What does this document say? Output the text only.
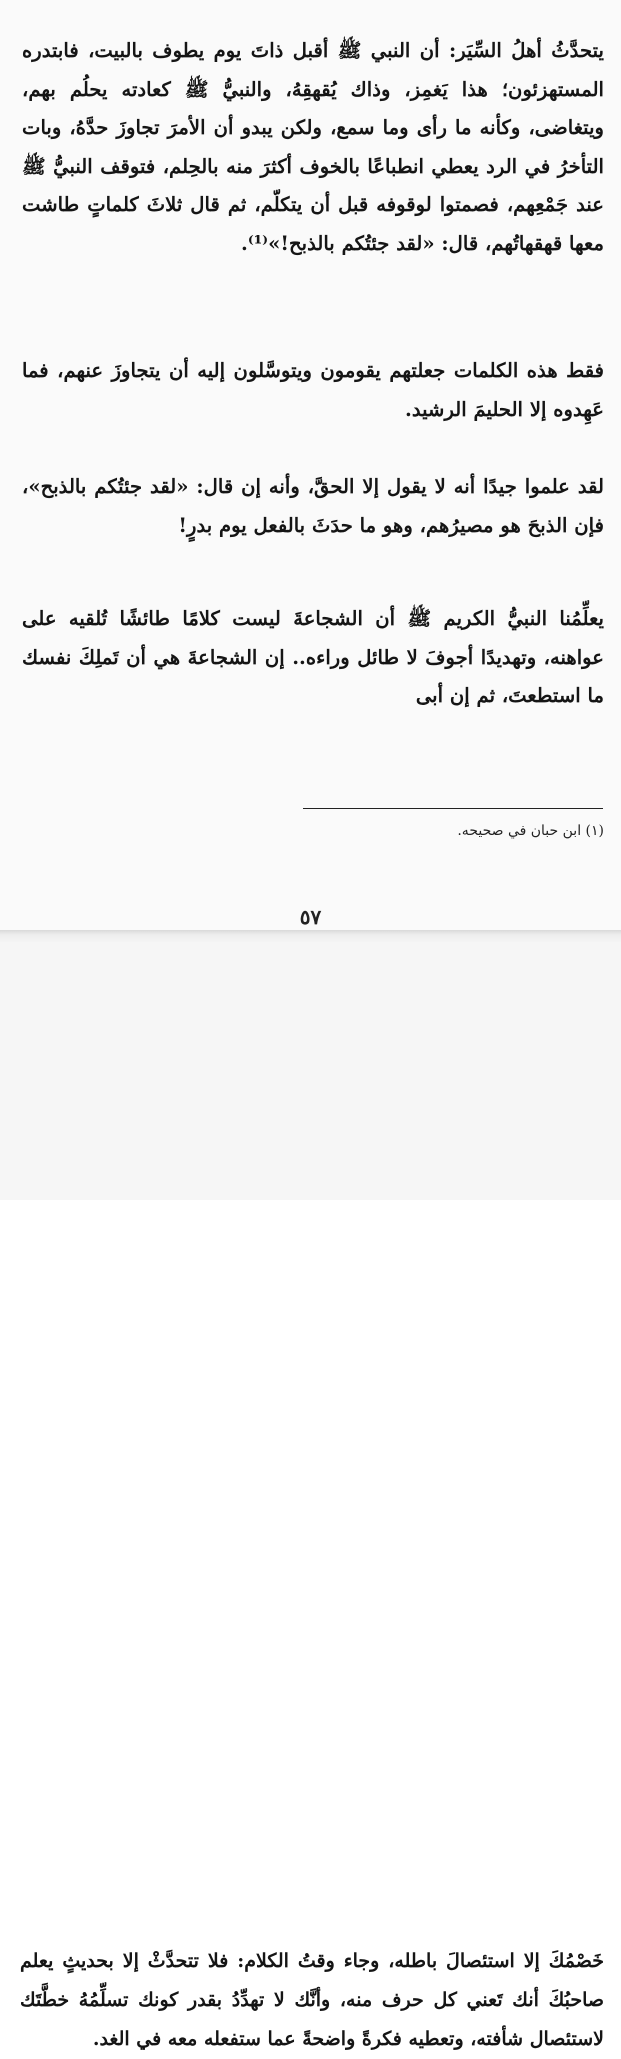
يتحدَّثُ أهلُ السِّيَر: أن النبي ﷺ أقبل ذاتَ يوم يطوف بالبيت، فابتدره المستهزئون؛ هذا يَغمِز، وذاك يُقهقِهُ، والنبيُّ ﷺ كعادته يحلُم بهم، ويتغاضى، وكأنه ما رأى وما سمع، ولكن يبدو أن الأمرَ تجاوزَ حدَّهُ، وبات التأخرُ في الرد يعطي انطباعًا بالخوف أكثرَ منه بالحِلم، فتوقف النبيُّ ﷺ عند جَمْعِهم، فصمتوا لوقوفه قبل أن يتكلّم، ثم قال ثلاثَ كلماتٍ طاشت معها قهقهاتُهم، قال: «لقد جئتُكم بالذبح!»⁽¹⁾.

فقط هذه الكلمات جعلتهم يقومون ويتوسَّلون إليه أن يتجاوزَ عنهم، فما عَهِدوه إلا الحليمَ الرشيد.

لقد علموا جيدًا أنه لا يقول إلا الحقَّ، وأنه إن قال: «لقد جئتُكم بالذبح»، فإن الذبحَ هو مصيرُهم، وهو ما حدَثَ بالفعل يوم بدرٍ!

يعلِّمُنا النبيُّ الكريم ﷺ أن الشجاعةَ ليست كلامًا طائشًا تُلقيه على عواهنه، وتهديدًا أجوفَ لا طائل وراءه.. إن الشجاعةَ هي أن تَملِكَ نفسك ما استطعتَ، ثم إن أبى

(١) ابن حبان في صحيحه.

٥٧

خَصْمُكَ إلا استئصالَ باطله، وجاء وقتُ الكلام: فلا تتحدَّثْ إلا بحديثٍ يعلم صاحبُكَ أنك تَعني كل حرف منه، وأنَّك لا تهدِّدُ بقدر كونك تسلِّمُهُ خطَّتَك لاستئصال شأفته، وتعطيه فكرةً واضحةً عما ستفعله معه في الغد.
